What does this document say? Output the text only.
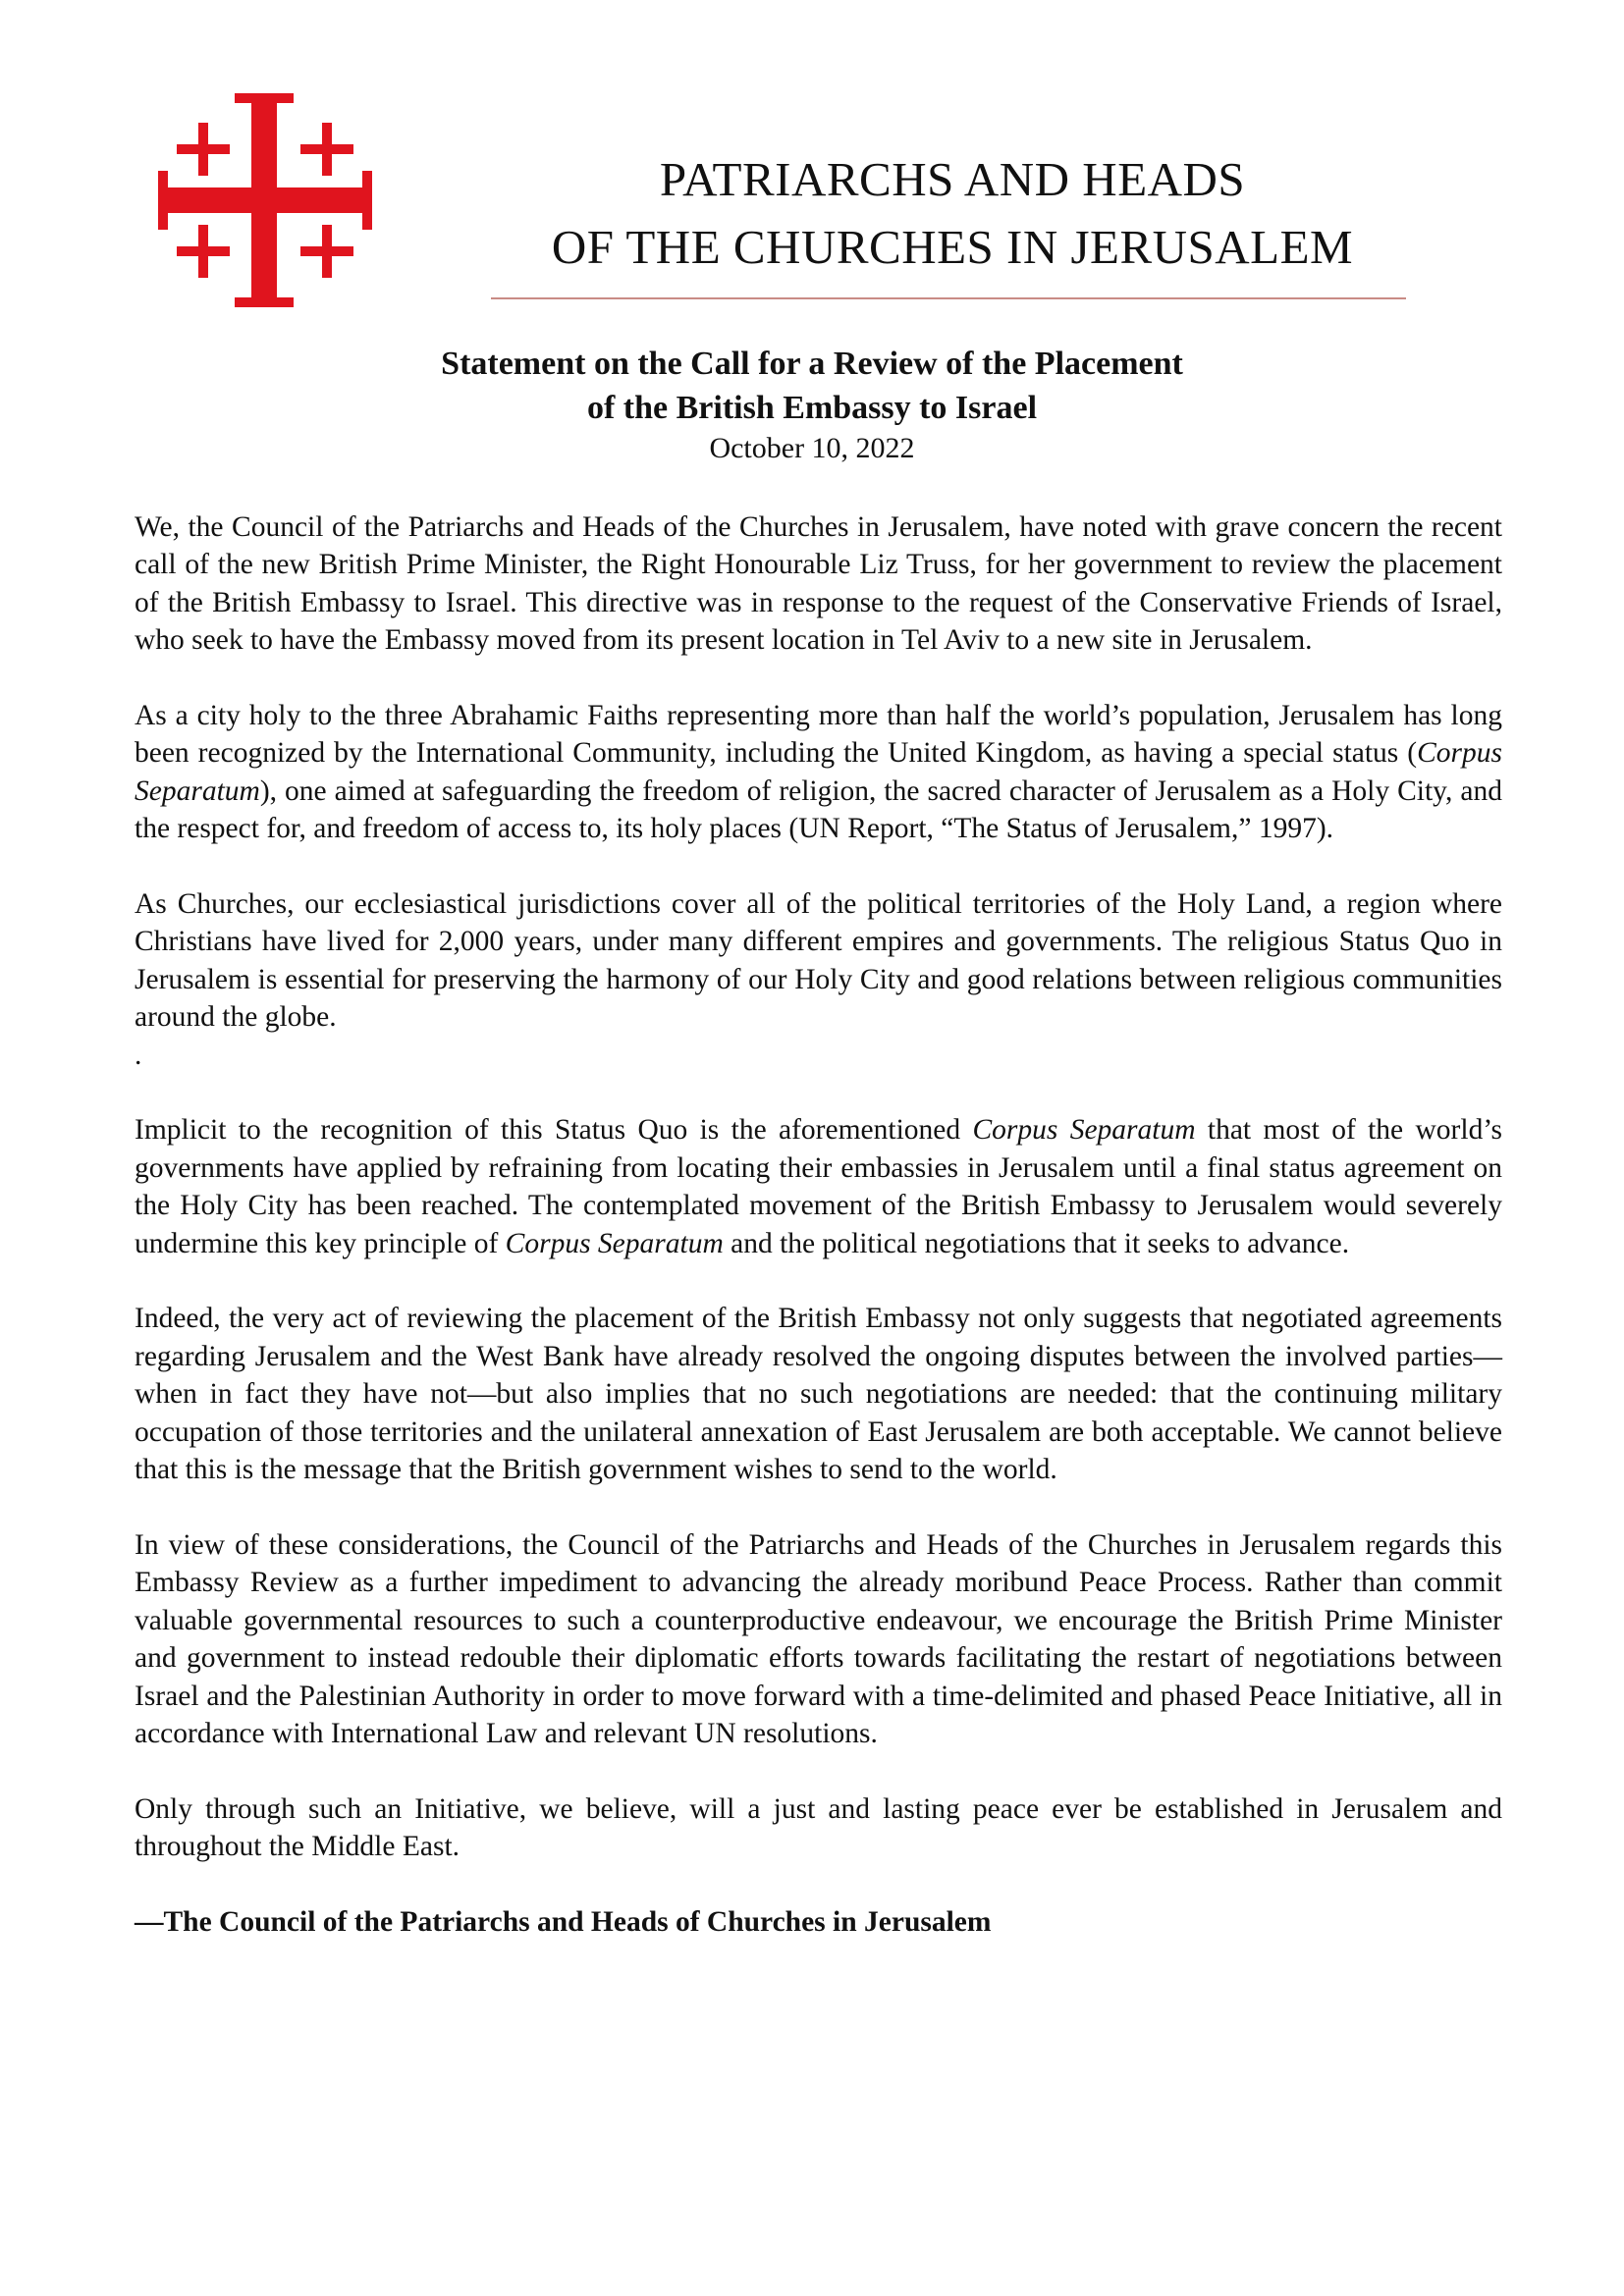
PATRIARCHS AND HEADS
OF THE CHURCHES IN JERUSALEM
Statement on the Call for a Review of the Placement
of the British Embassy to Israel
October 10, 2022

We, the Council of the Patriarchs and Heads of the Churches in Jerusalem, have noted with grave concern the recent call of the new British Prime Minister, the Right Honourable Liz Truss, for her government to review the placement of the British Embassy to Israel. This directive was in response to the request of the Conservative Friends of Israel, who seek to have the Embassy moved from its present location in Tel Aviv to a new site in Jerusalem.

As a city holy to the three Abrahamic Faiths representing more than half the world’s population, Jerusalem has long been recognized by the International Community, including the United Kingdom, as having a special status (Corpus Separatum), one aimed at safeguarding the freedom of religion, the sacred character of Jerusalem as a Holy City, and the respect for, and freedom of access to, its holy places (UN Report, “The Status of Jerusalem,” 1997).

As Churches, our ecclesiastical jurisdictions cover all of the political territories of the Holy Land, a region where Christians have lived for 2,000 years, under many different empires and governments. The religious Status Quo in Jerusalem is essential for preserving the harmony of our Holy City and good relations between religious communities around the globe.

.

Implicit to the recognition of this Status Quo is the aforementioned Corpus Separatum that most of the world’s governments have applied by refraining from locating their embassies in Jerusalem until a final status agreement on the Holy City has been reached. The contemplated movement of the British Embassy to Jerusalem would severely undermine this key principle of Corpus Separatum and the political negotiations that it seeks to advance.

Indeed, the very act of reviewing the placement of the British Embassy not only suggests that negotiated agreements regarding Jerusalem and the West Bank have already resolved the ongoing disputes between the involved parties—when in fact they have not—but also implies that no such negotiations are needed: that the continuing military occupation of those territories and the unilateral annexation of East Jerusalem are both acceptable. We cannot believe that this is the message that the British government wishes to send to the world.

In view of these considerations, the Council of the Patriarchs and Heads of the Churches in Jerusalem regards this Embassy Review as a further impediment to advancing the already moribund Peace Process. Rather than commit valuable governmental resources to such a counterproductive endeavour, we encourage the British Prime Minister and government to instead redouble their diplomatic efforts towards facilitating the restart of negotiations between Israel and the Palestinian Authority in order to move forward with a time-delimited and phased Peace Initiative, all in accordance with International Law and relevant UN resolutions.

Only through such an Initiative, we believe, will a just and lasting peace ever be established in Jerusalem and throughout the Middle East.

—The Council of the Patriarchs and Heads of Churches in Jerusalem
